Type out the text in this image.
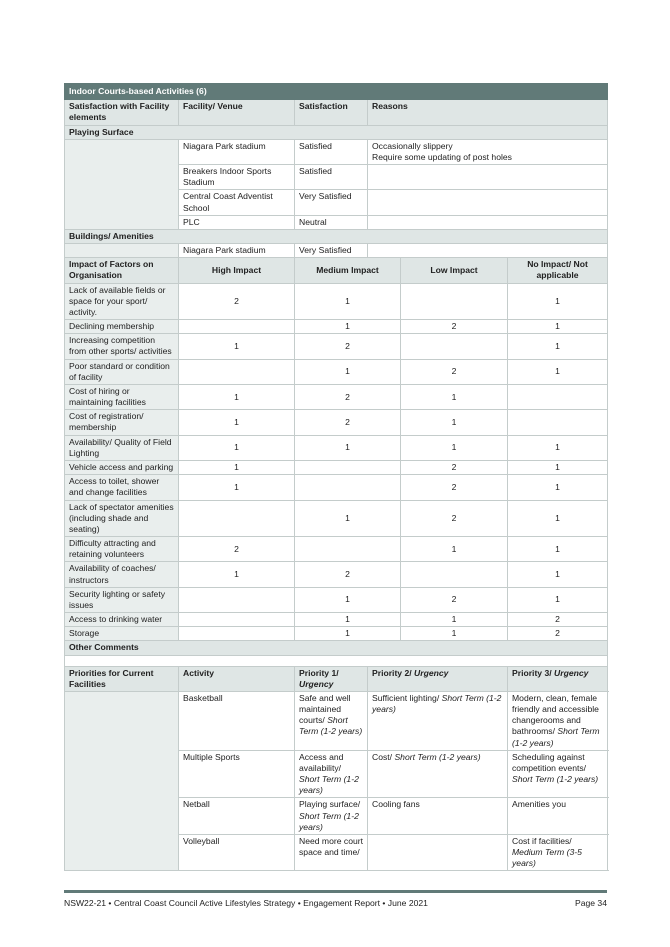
Indoor Courts-based Activities (6)					
Satisfaction with Facility elements	Facility/ Venue	Satisfaction	Reasons		
Playing Surface					
	Niagara Park stadium	Satisfied	Occasionally slippery
Require some updating of post holes		

	Breakers Indoor Sports Stadium	Satisfied			
	Central Coast Adventist School	Very Satisfied			
	PLC	Neutral			
Buildings/ Amenities					
	Niagara Park stadium	Very Satisfied			
Impact of Factors on Organisation	High Impact	Medium Impact		Low Impact	No Impact/ Not applicable
Lack of available fields or space for your sport/ activity.	2	1			1
Declining membership		1		2	1
Increasing competition from other sports/ activities	1	2			1
Poor standard or condition of facility		1		2	1
Cost of hiring or maintaining facilities	1	2		1	
Cost of registration/ membership	1	2		1	
Availability/ Quality of Field Lighting	1	1		1	1
Vehicle access and parking	1			2	1
Access to toilet, shower and change facilities	1			2	1
Lack of spectator amenities (including shade and seating)		1		2	1
Difficulty attracting and retaining volunteers	2			1	1
Availability of coaches/ instructors	1	2			1
Security lighting or safety issues		1		2	1
Access to drinking water		1		1	2
Storage		1		1	2
Other Comments					

Priorities for Current Facilities	Activity	Priority 1/ Urgency	Priority 2/ Urgency		Priority 3/ Urgency
	Basketball	Safe and well maintained courts/ Short Term (1-2 years)	Sufficient lighting/ Short Term (1-2 years)		Modern, clean, female friendly and accessible changerooms and bathrooms/ Short Term (1-2 years)
	Multiple Sports	Access and availability/ Short Term (1-2 years)	Cost/ Short Term (1-2 years)		Scheduling against competition events/ Short Term (1-2 years)
	Netball	Playing surface/ Short Term (1-2 years)	Cooling fans		Amenities you
	Volleyball	Need more court space and time/			Cost if facilities/ Medium Term (3-5 years)
NSW22-21 • Central Coast Council Active Lifestyles Strategy • Engagement Report • June 2021	Page 34
